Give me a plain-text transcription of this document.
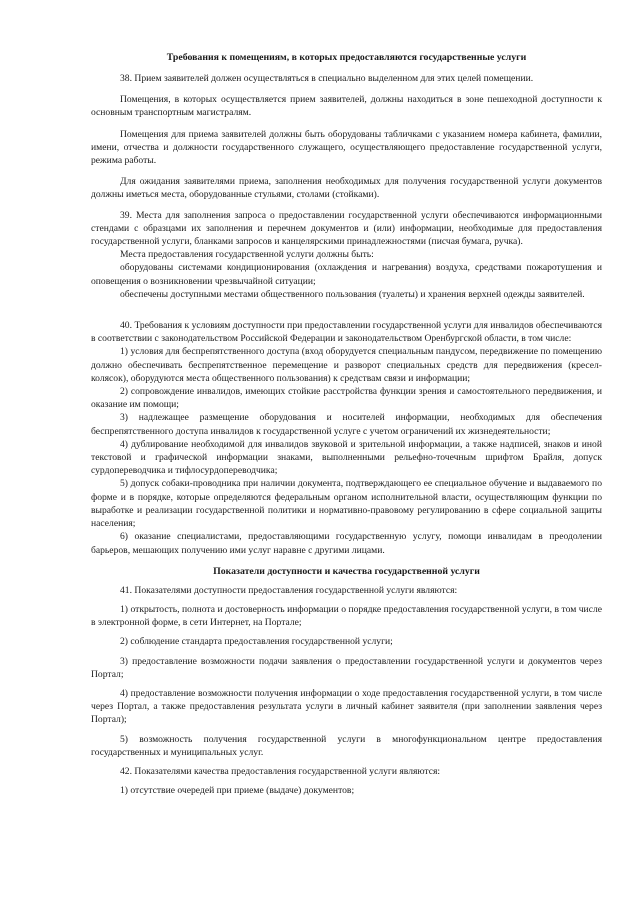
Требования к помещениям, в которых предоставляются государственные услуги

38. Прием заявителей должен осуществляться в специально выделенном для этих целей помещении.

Помещения, в которых осуществляется прием заявителей, должны находиться в зоне пешеходной доступности к основным транспортным магистралям.

Помещения для приема заявителей должны быть оборудованы табличками с указанием номера кабинета, фамилии, имени, отчества и должности государственного служащего, осуществляющего предоставление государственной услуги, режима работы.

Для ожидания заявителями приема, заполнения необходимых для получения государственной услуги документов должны иметься места, оборудованные стульями, столами (стойками).

39. Места для заполнения запроса о предоставлении государственной услуги обеспечиваются информационными стендами с образцами их заполнения и перечнем документов и (или) информации, необходимые для предоставления государственной услуги, бланками запросов и канцелярскими принадлежностями (писчая бумага, ручка).

Места предоставления государственной услуги должны быть:

оборудованы системами кондиционирования (охлаждения и нагревания) воздуха, средствами пожаротушения и оповещения о возникновении чрезвычайной ситуации;

обеспечены доступными местами общественного пользования (туалеты) и хранения верхней одежды заявителей.

40. Требования к условиям доступности при предоставлении государственной услуги для инвалидов обеспечиваются в соответствии с законодательством Российской Федерации и законодательством Оренбургской области, в том числе:

1) условия для беспрепятственного доступа (вход оборудуется специальным пандусом, передвижение по помещению должно обеспечивать беспрепятственное перемещение и разворот специальных средств для передвижения (кресел-колясок), оборудуются места общественного пользования) к средствам связи и информации;

2) сопровождение инвалидов, имеющих стойкие расстройства функции зрения и самостоятельного передвижения, и оказание им помощи;

3) надлежащее размещение оборудования и носителей информации, необходимых для обеспечения беспрепятственного доступа инвалидов к государственной услуге с учетом ограничений их жизнедеятельности;

4) дублирование необходимой для инвалидов звуковой и зрительной информации, а также надписей, знаков и иной текстовой и графической информации знаками, выполненными рельефно-точечным шрифтом Брайля, допуск сурдопереводчика и тифлосурдопереводчика;

5) допуск собаки-проводника при наличии документа, подтверждающего ее специальное обучение и выдаваемого по форме и в порядке, которые определяются федеральным органом исполнительной власти, осуществляющим функции по выработке и реализации государственной политики и нормативно-правовому регулированию в сфере социальной защиты населения;

6) оказание специалистами, предоставляющими государственную услугу, помощи инвалидам в преодолении барьеров, мешающих получению ими услуг наравне с другими лицами.

Показатели доступности и качества государственной услуги

41. Показателями доступности предоставления государственной услуги являются:

1) открытость, полнота и достоверность информации о порядке предоставления государственной услуги, в том числе в электронной форме, в сети Интернет, на Портале;

2) соблюдение стандарта предоставления государственной услуги;

3) предоставление возможности подачи заявления о предоставлении государственной услуги и документов через Портал;

4) предоставление возможности получения информации о ходе предоставления государственной услуги, в том числе через Портал, а также предоставления результата услуги в личный кабинет заявителя (при заполнении заявления через Портал);

5) возможность получения государственной услуги в многофункциональном центре предоставления государственных и муниципальных услуг.

42. Показателями качества предоставления государственной услуги являются:

1) отсутствие очередей при приеме (выдаче) документов;
